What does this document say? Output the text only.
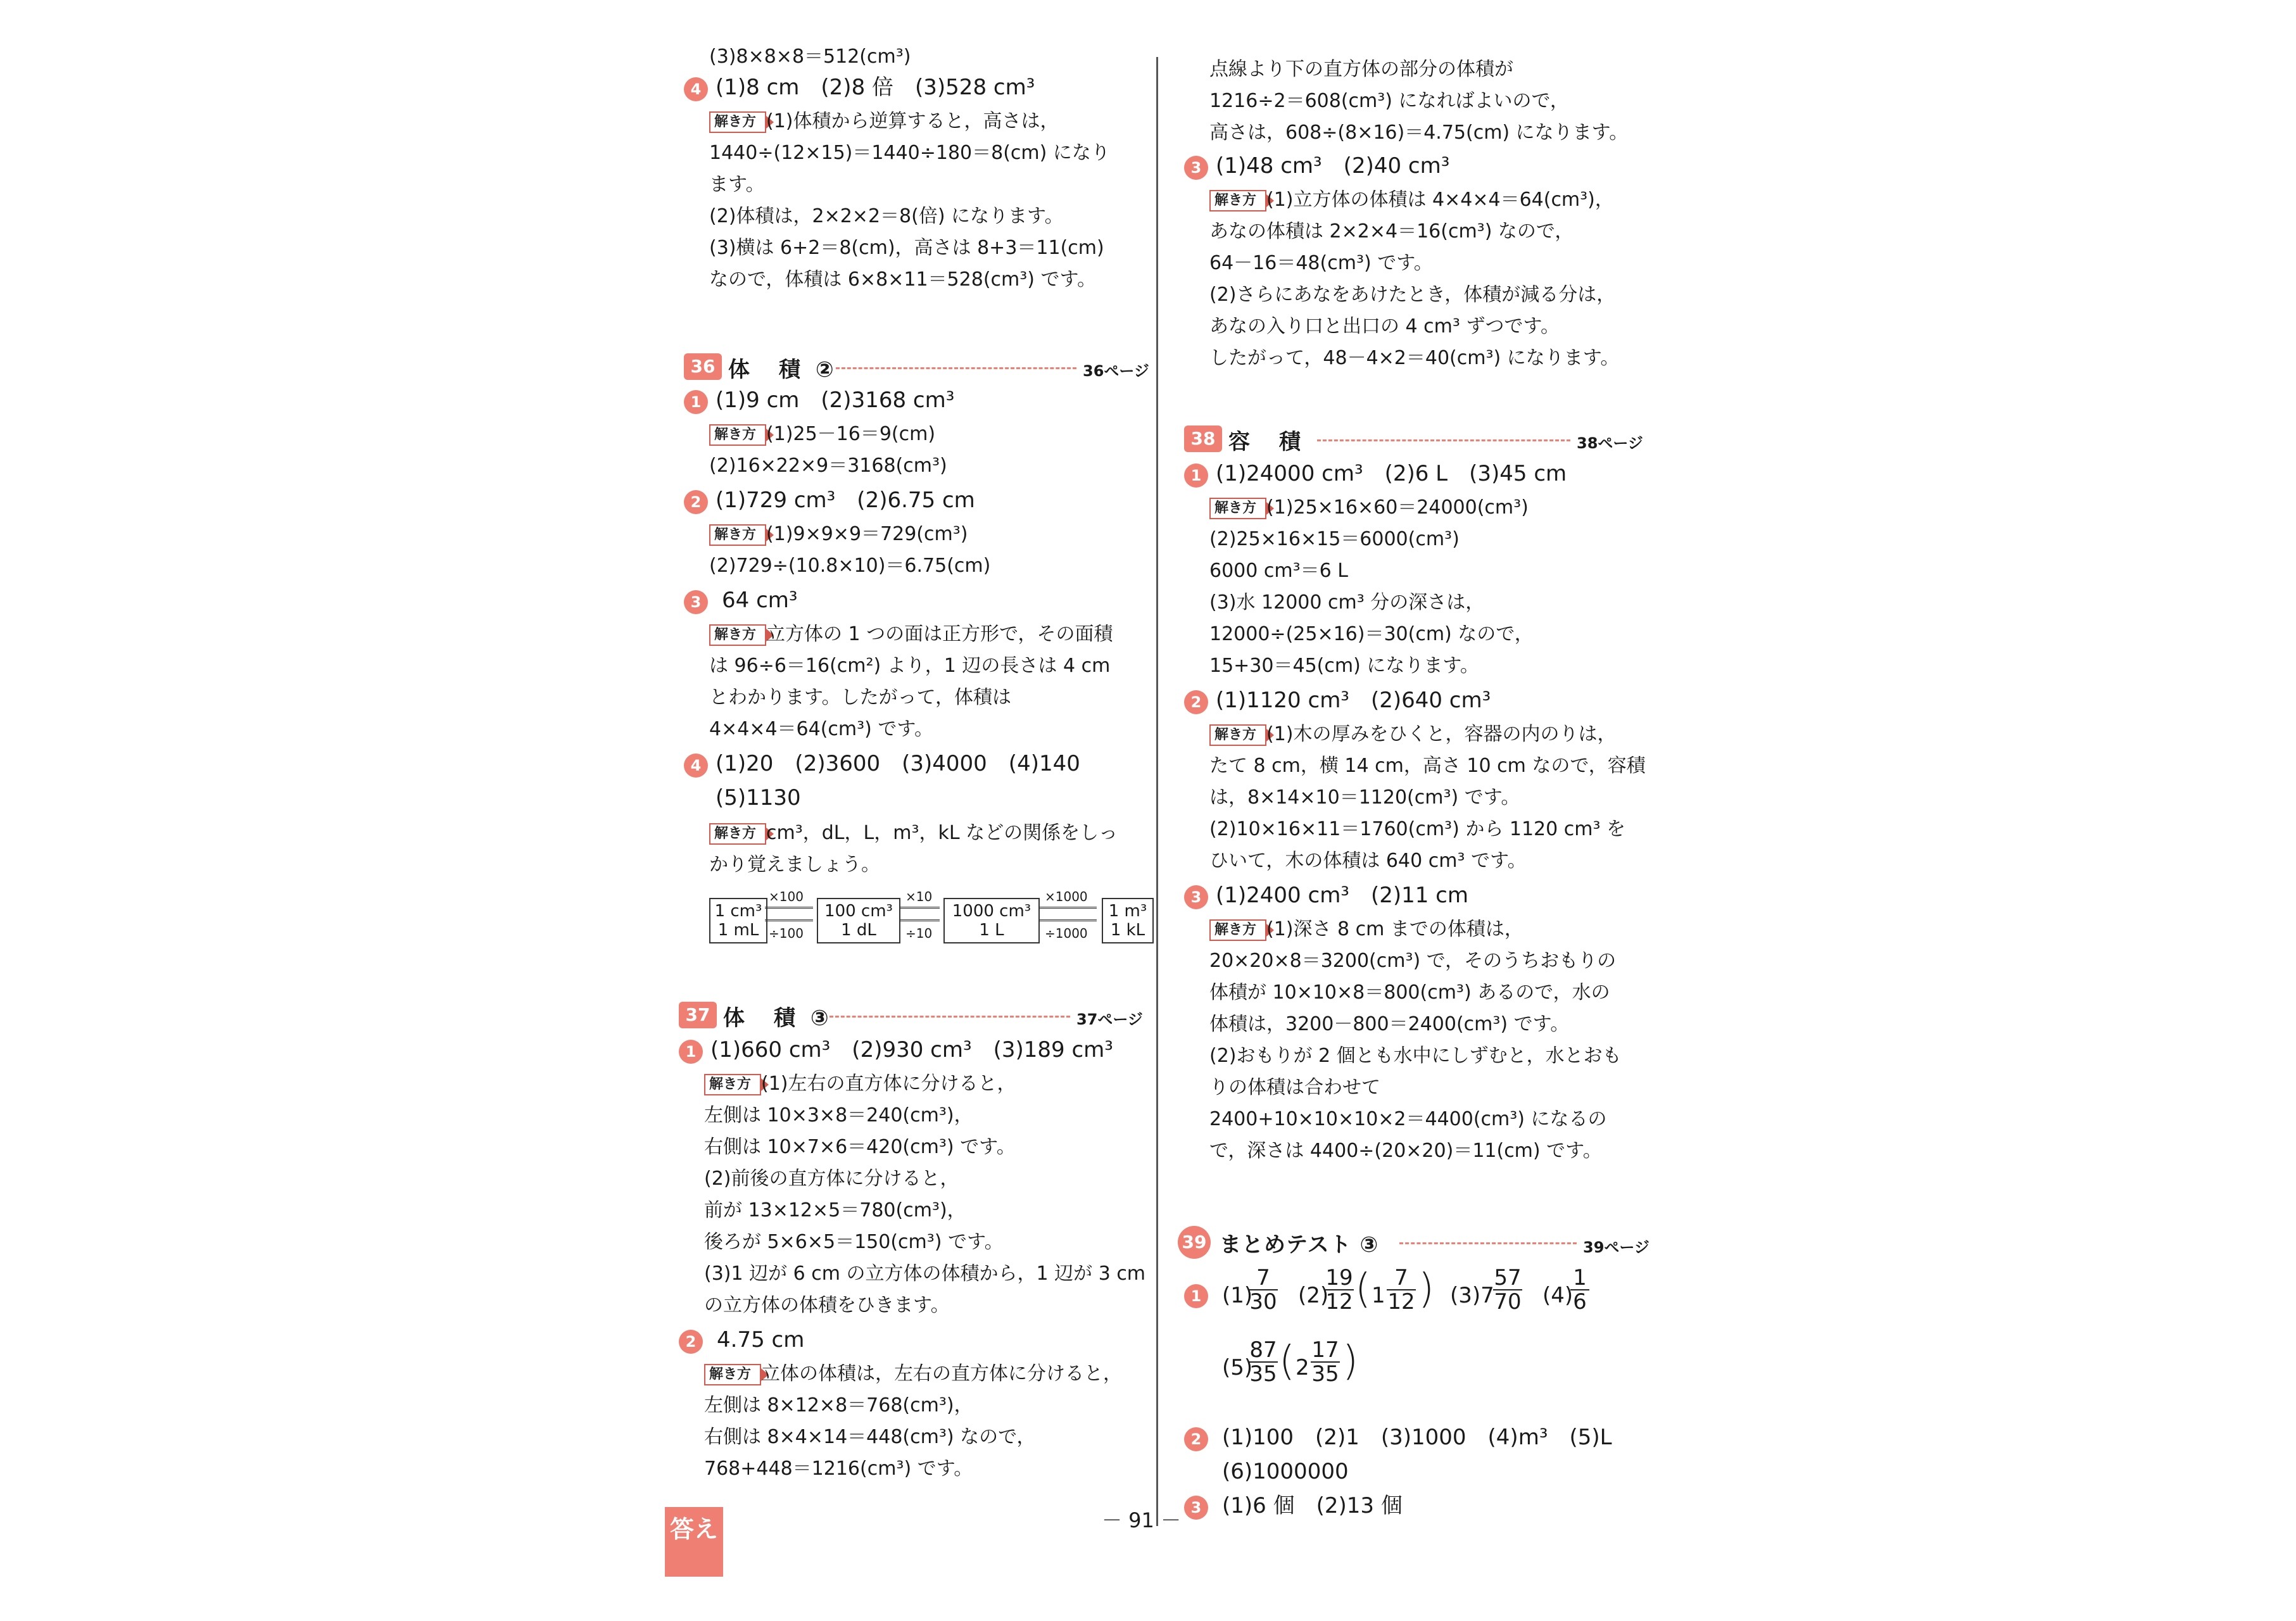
(3)8×8×8＝512(cm³)
4 (1)8 cm　(2)8 倍　(3)528 cm³
解き方 (1)体積から逆算すると，高さは，
1440÷(12×15)＝1440÷180＝8(cm) になり
ます。
(2)体積は，2×2×2＝8(倍) になります。
(3)横は 6+2＝8(cm)，高さは 8+3＝11(cm)
なので，体積は 6×8×11＝528(cm³) です。
36 体　積 ②	36ページ
1 (1)9 cm　(2)3168 cm³
解き方 (1)25－16＝9(cm)
(2)16×22×9＝3168(cm³)
2 (1)729 cm³　(2)6.75 cm
解き方 (1)9×9×9＝729(cm³)
(2)729÷(10.8×10)＝6.75(cm)
3 64 cm³
解き方 立方体の 1 つの面は正方形で，その面積
は 96÷6＝16(cm²) より，1 辺の長さは 4 cm
とわかります。したがって，体積は
4×4×4＝64(cm³) です。
4 (1)20　(2)3600　(3)4000　(4)140
(5)1130
解き方 cm³，dL，L，m³，kL などの関係をしっ
かり覚えましょう。
1 cm³
1 mL
×100
÷100
100 cm³
1 dL
×10
÷10
1000 cm³
1 L
×1000
÷1000
1 m³
1 kL
37 体　積 ③	37ページ
1 (1)660 cm³　(2)930 cm³　(3)189 cm³
解き方 (1)左右の直方体に分けると，
左側は 10×3×8＝240(cm³)，
右側は 10×7×6＝420(cm³) です。
(2)前後の直方体に分けると，
前が 13×12×5＝780(cm³)，
後ろが 5×6×5＝150(cm³) です。
(3)1 辺が 6 cm の立方体の体積から，1 辺が 3 cm
の立方体の体積をひきます。
2 4.75 cm
解き方 立体の体積は，左右の直方体に分けると，
左側は 8×12×8＝768(cm³)，
右側は 8×4×14＝448(cm³) なので，
768+448＝1216(cm³) です。
点線より下の直方体の部分の体積が
1216÷2＝608(cm³) になればよいので，
高さは，608÷(8×16)＝4.75(cm) になります。
3 (1)48 cm³　(2)40 cm³
解き方 (1)立方体の体積は 4×4×4＝64(cm³)，
あなの体積は 2×2×4＝16(cm³) なので，
64－16＝48(cm³) です。
(2)さらにあなをあけたとき，体積が減る分は，
あなの入り口と出口の 4 cm³ ずつです。
したがって，48－4×2＝40(cm³) になります。
38 容　積	38ページ
1 (1)24000 cm³　(2)6 L　(3)45 cm
解き方 (1)25×16×60＝24000(cm³)
(2)25×16×15＝6000(cm³)
6000 cm³＝6 L
(3)水 12000 cm³ 分の深さは，
12000÷(25×16)＝30(cm) なので，
15+30＝45(cm) になります。
2 (1)1120 cm³　(2)640 cm³
解き方 (1)木の厚みをひくと，容器の内のりは，
たて 8 cm，横 14 cm，高さ 10 cm なので，容積
は，8×14×10＝1120(cm³) です。
(2)10×16×11＝1760(cm³) から 1120 cm³ を
ひいて，木の体積は 640 cm³ です。
3 (1)2400 cm³　(2)11 cm
解き方 (1)深さ 8 cm までの体積は，
20×20×8＝3200(cm³) で，そのうちおもりの
体積が 10×10×8＝800(cm³) あるので，水の
体積は，3200－800＝2400(cm³) です。
(2)おもりが 2 個とも水中にしずむと，水とおも
りの体積は合わせて
2400+10×10×10×2＝4400(cm³) になるの
で，深さは 4400÷(20×20)＝11(cm) です。
39 まとめテスト ③	39ページ
1 (1)
$\frac{7}{30} (2)$
$\frac{19}{12}$ ( $1 \frac{7}{12}$ ) (3)7
$\frac{57}{70} (4)$
$\frac{1}{6}$
(5)
$\frac{87}{35}$ ( $2 \frac{17}{35}$ )
2 (1)100　(2)1　(3)1000　(4)m³　(5)L
(6)1000000
3 (1)6 個　(2)13 個
－ 91 －
答え
